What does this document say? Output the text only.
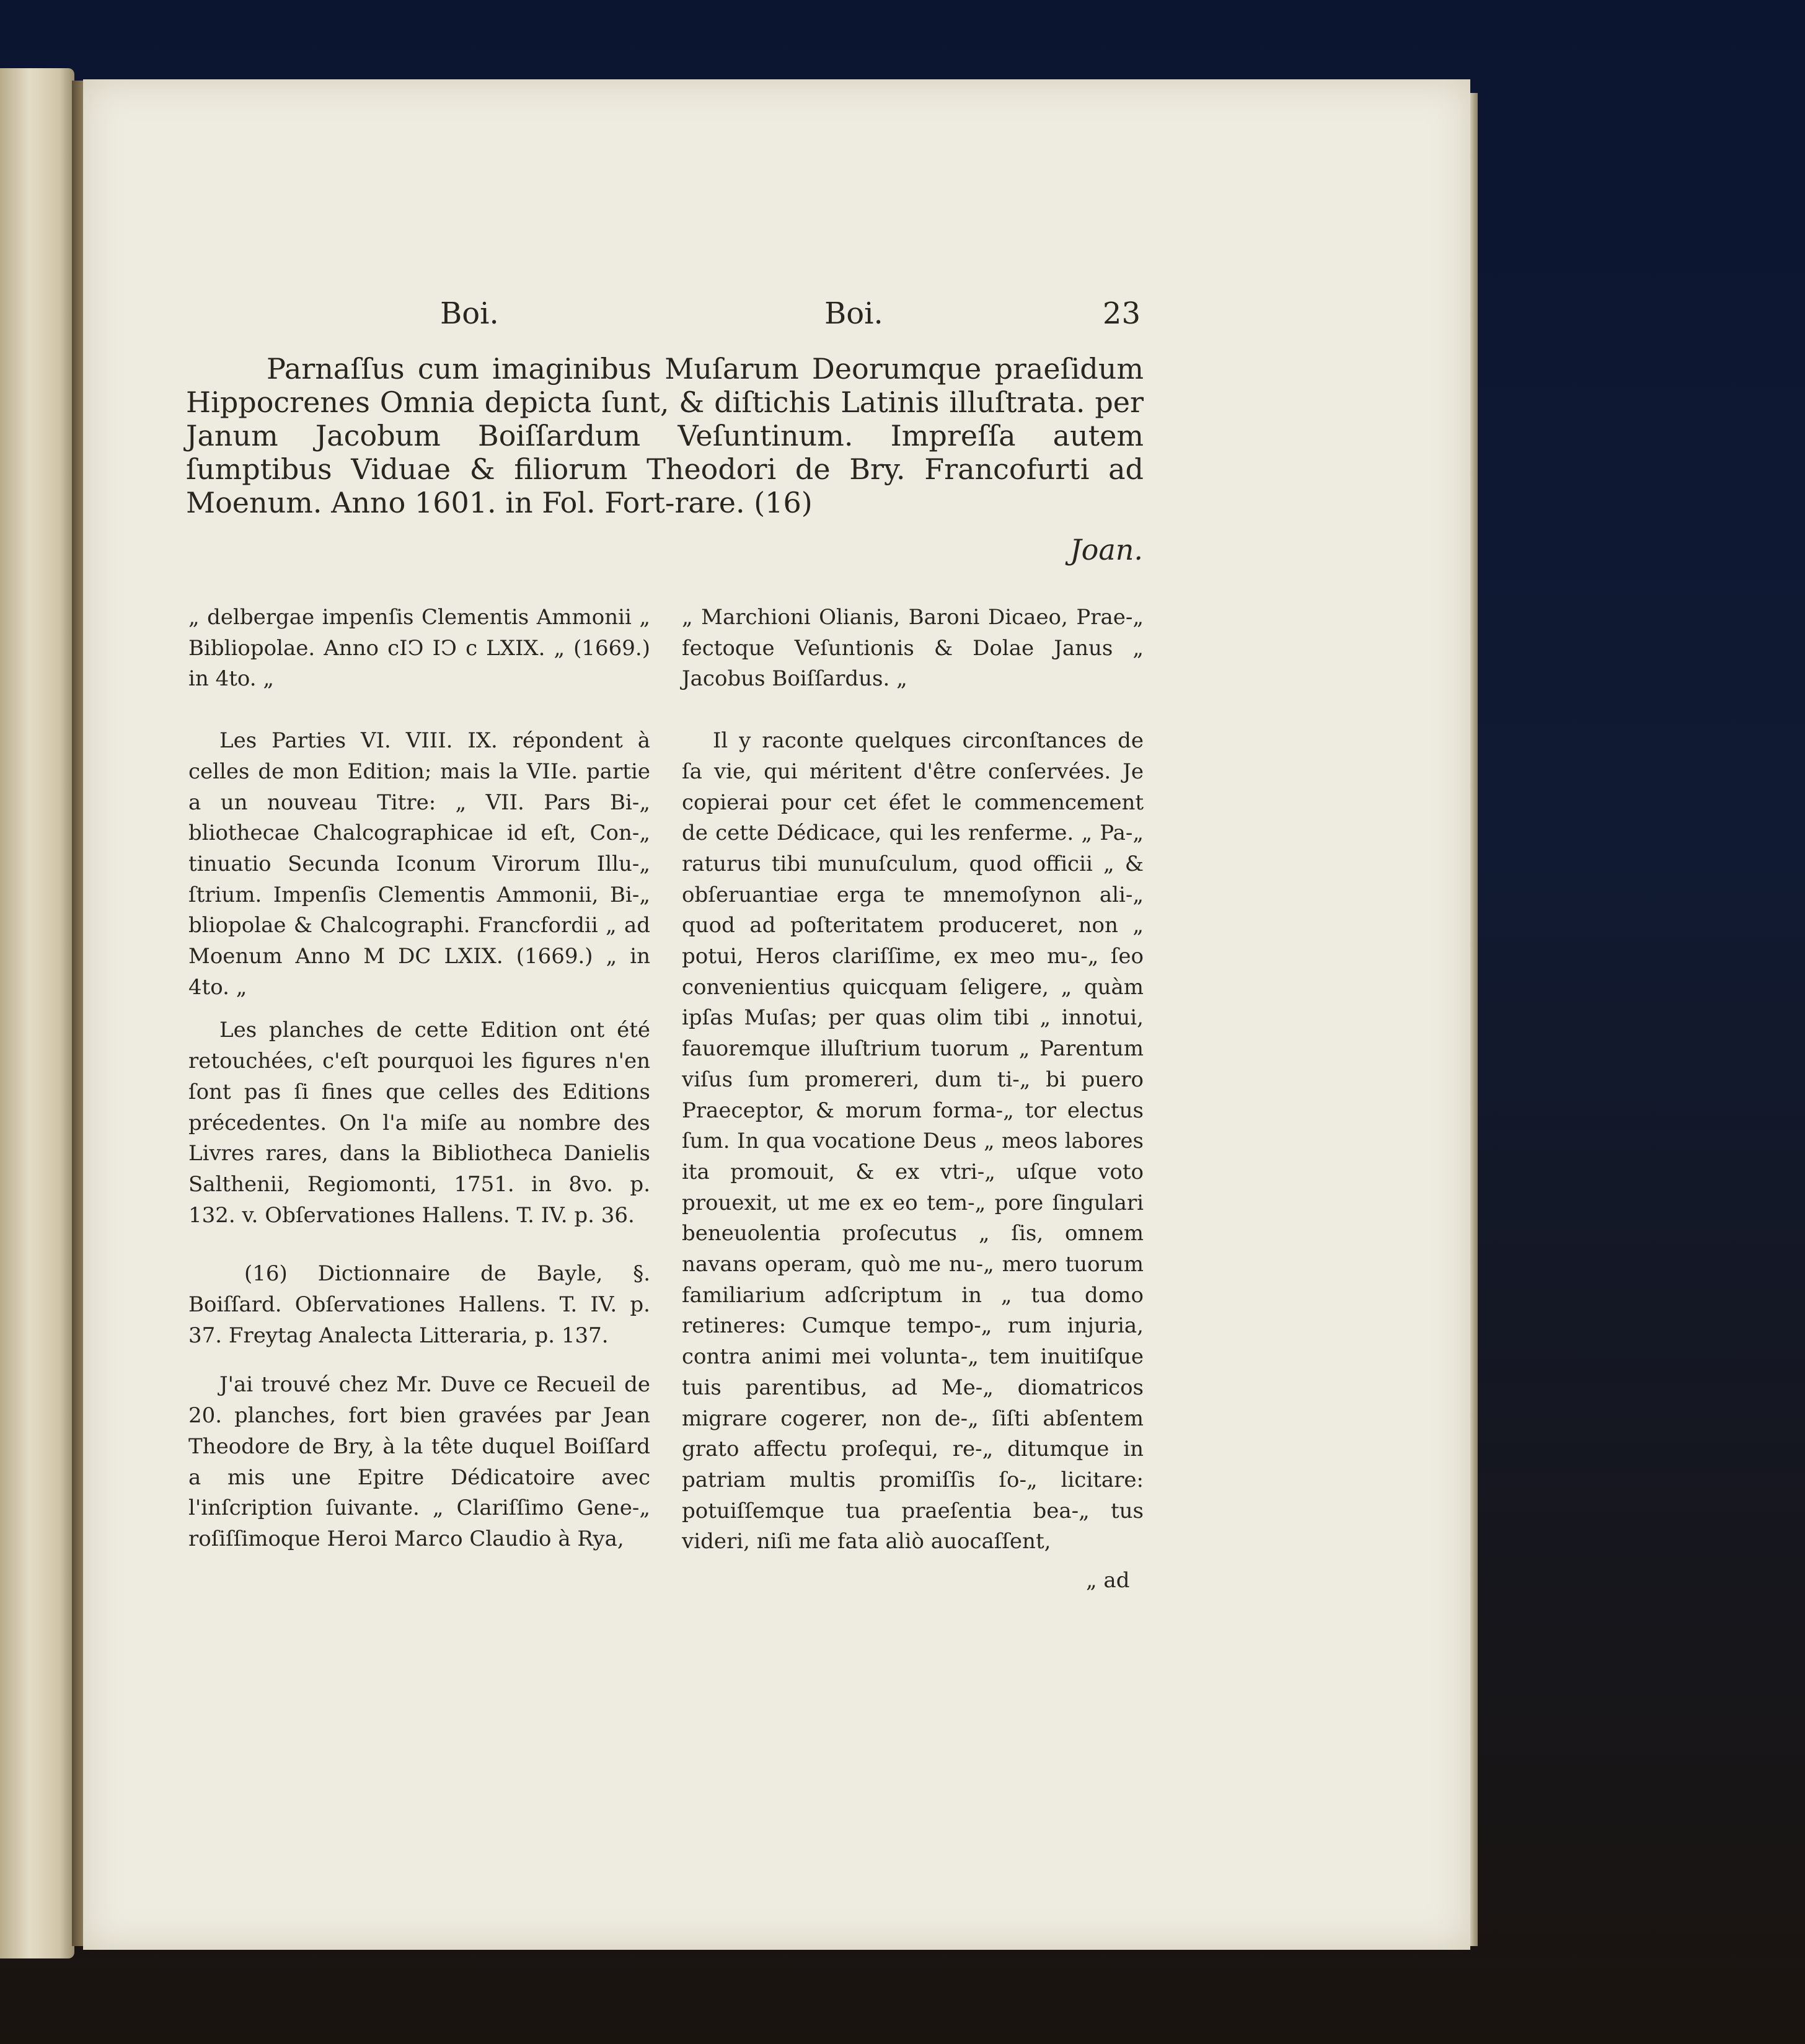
Boi.	Boi.	23

Parnaſſus cum imaginibus Muſarum Deorumque praeſidum Hippocrenes Omnia depicta ſunt, & diſtichis Latinis illuſtrata. per Janum Jacobum Boiſſardum Veſuntinum. Impreſſa autem ſumptibus Viduae & filiorum Theodori de Bry. Francofurti ad Moenum. Anno 1601. in Fol. Fort-rare. (16)

Joan.

„ delbergae impenſis Clementis Ammonii „ Bibliopolae. Anno cIↃ IↃ c LXIX. „ (1669.) in 4to. „

Les Parties VI. VIII. IX. répondent à celles de mon Edition; mais la VIIe. partie a un nouveau Titre: „ VII. Pars Bi-„ bliothecae Chalcographicae id eſt, Con-„ tinuatio Secunda Iconum Virorum Illu-„ ſtrium. Impenſis Clementis Ammonii, Bi-„ bliopolae & Chalcographi. Francfordii „ ad Moenum Anno M DC LXIX. (1669.) „ in 4to. „

Les planches de cette Edition ont été retouchées, c'eſt pourquoi les figures n'en ſont pas ſi fines que celles des Editions précedentes. On l'a miſe au nombre des Livres rares, dans la Bibliotheca Danielis Salthenii, Regiomonti, 1751. in 8vo. p. 132. v. Obſervationes Hallens. T. IV. p. 36.

(16) Dictionnaire de Bayle, §. Boiſſard. Obſervationes Hallens. T. IV. p. 37. Freytag Analecta Litteraria, p. 137.

J'ai trouvé chez Mr. Duve ce Recueil de 20. planches, fort bien gravées par Jean Theodore de Bry, à la tête duquel Boiſſard a mis une Epitre Dédicatoire avec l'inſcription ſuivante. „ Clariſſimo Gene-„ roſiſſimoque Heroi Marco Claudio à Rya,

„ Marchioni Olianis, Baroni Dicaeo, Prae-„ fectoque Veſuntionis & Dolae Janus „ Jacobus Boiſſardus. „

Il y raconte quelques circonſtances de ſa vie, qui méritent d'être conſervées. Je copierai pour cet éfet le commencement de cette Dédicace, qui les renferme. „ Pa-„ raturus tibi munuſculum, quod officii „ & obſeruantiae erga te mnemoſynon ali-„ quod ad poſteritatem produceret, non „ potui, Heros clariſſime, ex meo mu-„ ſeo convenientius quicquam ſeligere, „ quàm ipſas Muſas; per quas olim tibi „ innotui, fauoremque illuſtrium tuorum „ Parentum viſus ſum promereri, dum ti-„ bi puero Praeceptor, & morum forma-„ tor electus ſum. In qua vocatione Deus „ meos labores ita promouit, & ex vtri-„ uſque voto prouexit, ut me ex eo tem-„ pore ſingulari beneuolentia proſecutus „ ſis, omnem navans operam, quò me nu-„ mero tuorum familiarium adſcriptum in „ tua domo retineres: Cumque tempo-„ rum injuria, contra animi mei volunta-„ tem inuitiſque tuis parentibus, ad Me-„ diomatricos migrare cogerer, non de-„ ſiſti abſentem grato affectu proſequi, re-„ ditumque in patriam multis promiſſis ſo-„ licitare: potuiſſemque tua praeſentia bea-„ tus videri, niſi me fata aliò auocaſſent,

„ ad
